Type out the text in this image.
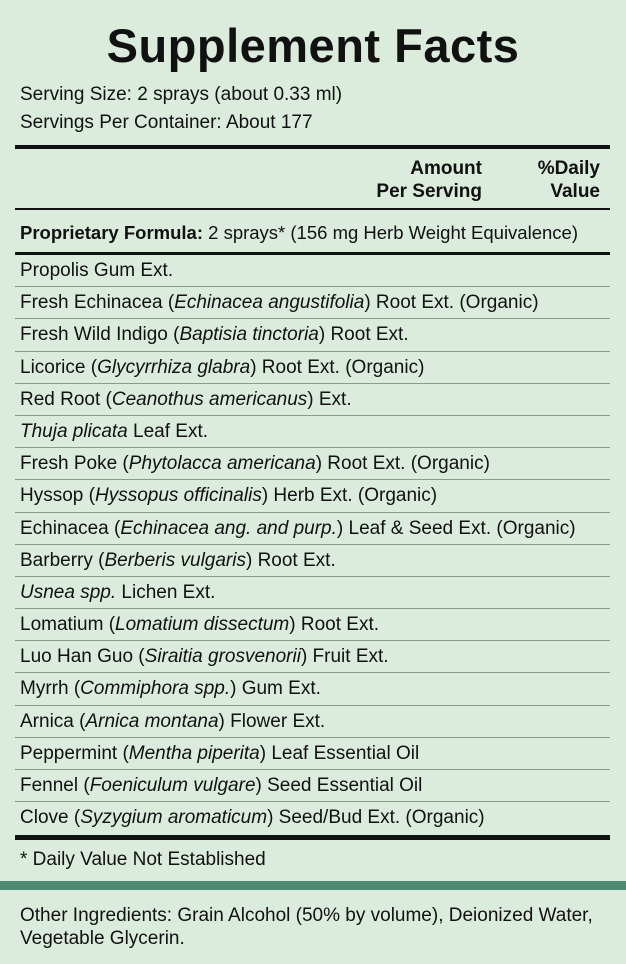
Supplement Facts
Serving Size: 2 sprays (about 0.33 ml)
Servings Per Container: About 177
Amount
Per Serving
%Daily
Value
Proprietary Formula: 2 sprays* (156 mg Herb Weight Equivalence)
Propolis Gum Ext.
Fresh Echinacea (Echinacea angustifolia) Root Ext. (Organic)
Fresh Wild Indigo (Baptisia tinctoria) Root Ext.
Licorice (Glycyrrhiza glabra) Root Ext. (Organic)
Red Root (Ceanothus americanus) Ext.
Thuja plicata Leaf Ext.
Fresh Poke (Phytolacca americana) Root Ext. (Organic)
Hyssop (Hyssopus officinalis) Herb Ext. (Organic)
Echinacea (Echinacea ang. and purp.) Leaf & Seed Ext. (Organic)
Barberry (Berberis vulgaris) Root Ext.
Usnea spp. Lichen Ext.
Lomatium (Lomatium dissectum) Root Ext.
Luo Han Guo (Siraitia grosvenorii) Fruit Ext.
Myrrh (Commiphora spp.) Gum Ext.
Arnica (Arnica montana) Flower Ext.
Peppermint (Mentha piperita) Leaf Essential Oil
Fennel (Foeniculum vulgare) Seed Essential Oil
Clove (Syzygium aromaticum) Seed/Bud Ext. (Organic)
* Daily Value Not Established
Other Ingredients: Grain Alcohol (50% by volume), Deionized Water, Vegetable Glycerin.
